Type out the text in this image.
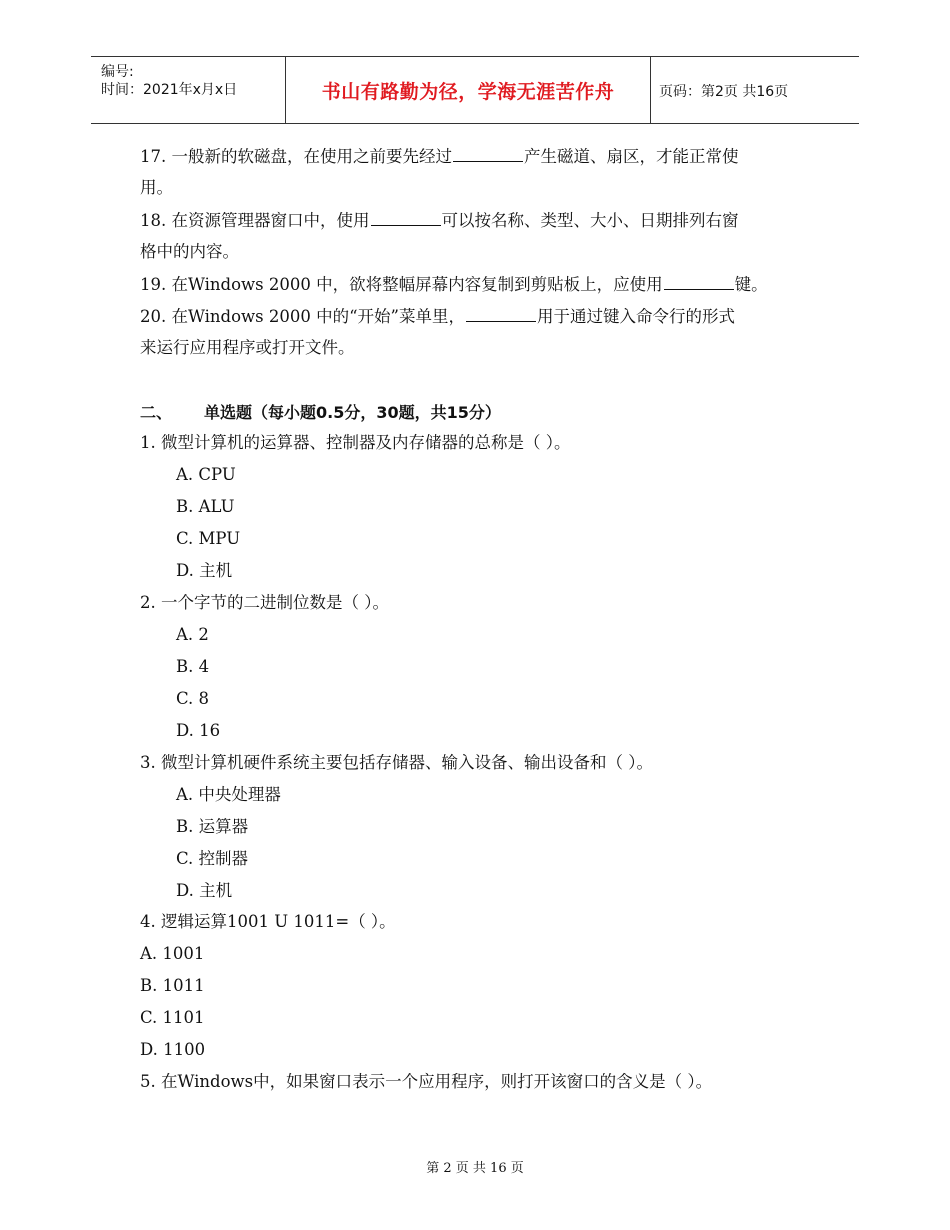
编号:
时间：2021年x月x日	书山有路勤为径，学海无涯苦作舟	页码：第2页 共16页
17. 一般新的软磁盘，在使用之前要先经过	产生磁道、扇区，才能正常使
用。
18. 在资源管理器窗口中，使用	可以按名称、类型、大小、日期排列右窗
格中的内容。
19. 在Windows 2000 中，欲将整幅屏幕内容复制到剪贴板上，应使用	键。
20. 在Windows 2000 中的“开始”菜单里，	用于通过键入命令行的形式
来运行应用程序或打开文件。
二、 单选题（每小题0.5分，30题，共15分）
1. 微型计算机的运算器、控制器及内存储器的总称是（ ）。
A. CPU
B. ALU
C. MPU
D. 主机
2. 一个字节的二进制位数是（ ）。
A. 2
B. 4
C. 8
D. 16
3. 微型计算机硬件系统主要包括存储器、输入设备、输出设备和（ ）。
A. 中央处理器
B. 运算器
C. 控制器
D. 主机
4. 逻辑运算1001 U 1011=（ ）。
A. 1001
B. 1011
C. 1101
D. 1100
5. 在Windows中，如果窗口表示一个应用程序，则打开该窗口的含义是（ ）。
第 2 页 共 16 页
